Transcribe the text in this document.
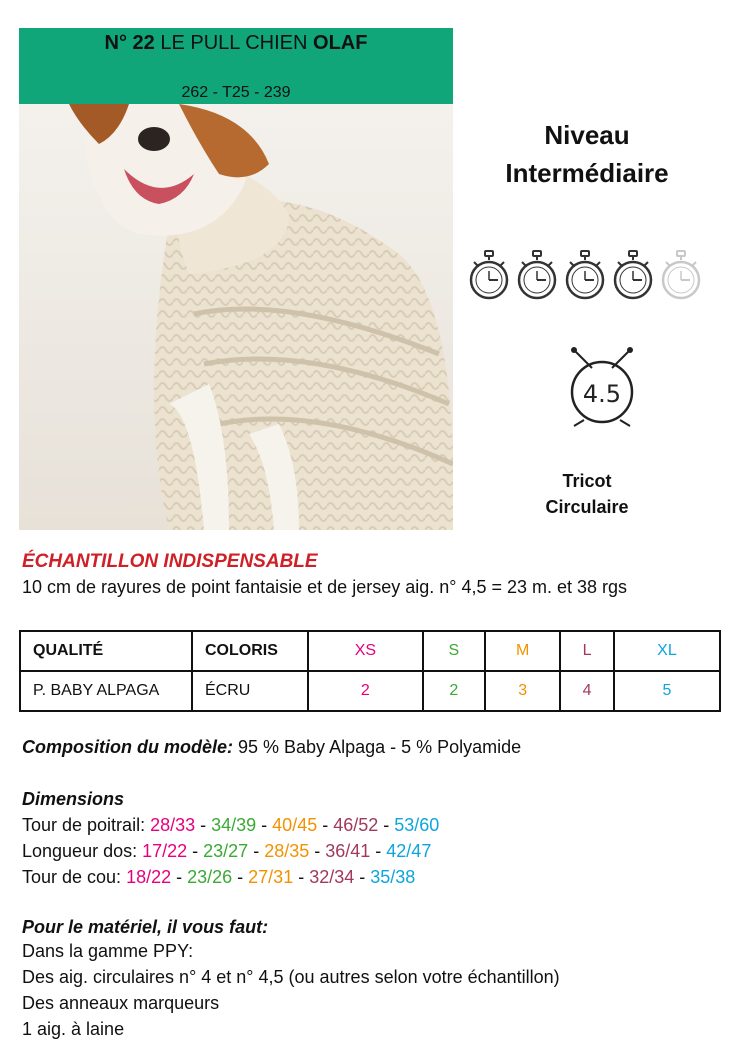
N° 22 LE PULL CHIEN OLAF
262 - T25 - 239
Niveau
Intermédiaire
4.5
Tricot
Circulaire
ÉCHANTILLON INDISPENSABLE
10 cm de rayures de point fantaisie et de jersey aig. n° 4,5 = 23 m. et 38 rgs
QUALITÉ	COLORIS	XS	S	M	L	XL
P. BABY ALPAGA	ÉCRU	2	2	3	4	5
Composition du modèle: 95 % Baby Alpaga - 5 % Polyamide
Dimensions
Tour de poitrail: 28/33 - 34/39 - 40/45 - 46/52 - 53/60
Longueur dos: 17/22 - 23/27 - 28/35 - 36/41 - 42/47
Tour de cou: 18/22 - 23/26 - 27/31 - 32/34 - 35/38
Pour le matériel, il vous faut:
Dans la gamme PPY:
Des aig. circulaires n° 4 et n° 4,5 (ou autres selon votre échantillon)
Des anneaux marqueurs
1 aig. à laine
